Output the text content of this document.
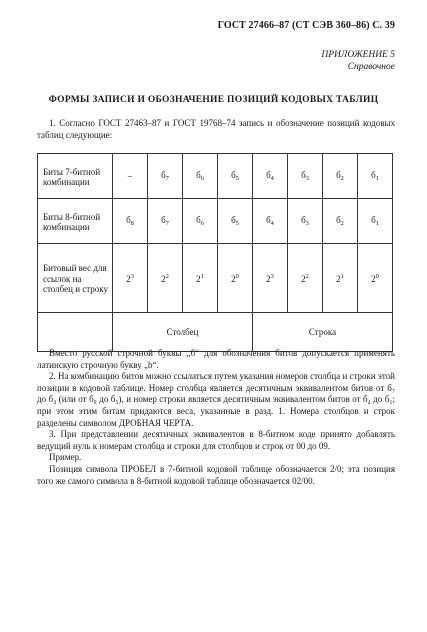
ГОСТ 27466–87 (СТ СЭВ 360–86) С. 39
ПРИЛОЖЕНИЕ 5
Справочное
ФОРМЫ ЗАПИСИ И ОБОЗНАЧЕНИЕ ПОЗИЦИЙ КОДОВЫХ ТАБЛИЦ
1. Согласно ГОСТ 27463–87 и ГОСТ 19768–74 запись и обозначение позиций кодовых таблиц следующие:
Биты 7-битной комбинации	–	$б_7$	$б_6$	$б_5$	$б_4$	$б_3$	$б_2$	$б_1$
Биты 8-битной комбинации	$б_8$	$б_7$	$б_6$	$б_5$	$б_4$	$б_3$	$б_2$	$б_1$
Битовый вес для ссылок на столбец и строку	$2^3$	$2^2$	$2^1$	$2^0$	$2^3$	$2^2$	$2^1$	$2^0$
	Столбец				Строка			
Вместо русской строчной буквы „б“ для обозначения битов допускается применять латинскую строчную букву „b“.
2. На комбинацию битов можно ссылаться путем указания номеров столбца и строки этой позиции в кодовой таблице. Номер столбца является десятичным эквивалентом битов от б₇ до б₄ (или от б₈ до б₅), и номер строки является десятичным эквивалентом битов от б₄ до б₁; при этом этим битам придаются веса, указанные в разд. 1. Номера столбцов и строк разделены символом ДРОБНАЯ ЧЕРТА.
3. При представлении десятичных эквивалентов в 8-битном коде принято добавлять ведущий нуль к номерам столбца и строки для столбцов и строк от 00 до 09.
Пример.
Позиция символа ПРОБЕЛ в 7-битной кодовой таблице обозначается 2/0; эта позиция того же самого символа в 8-битной кодовой таблице обозначается 02/00.
